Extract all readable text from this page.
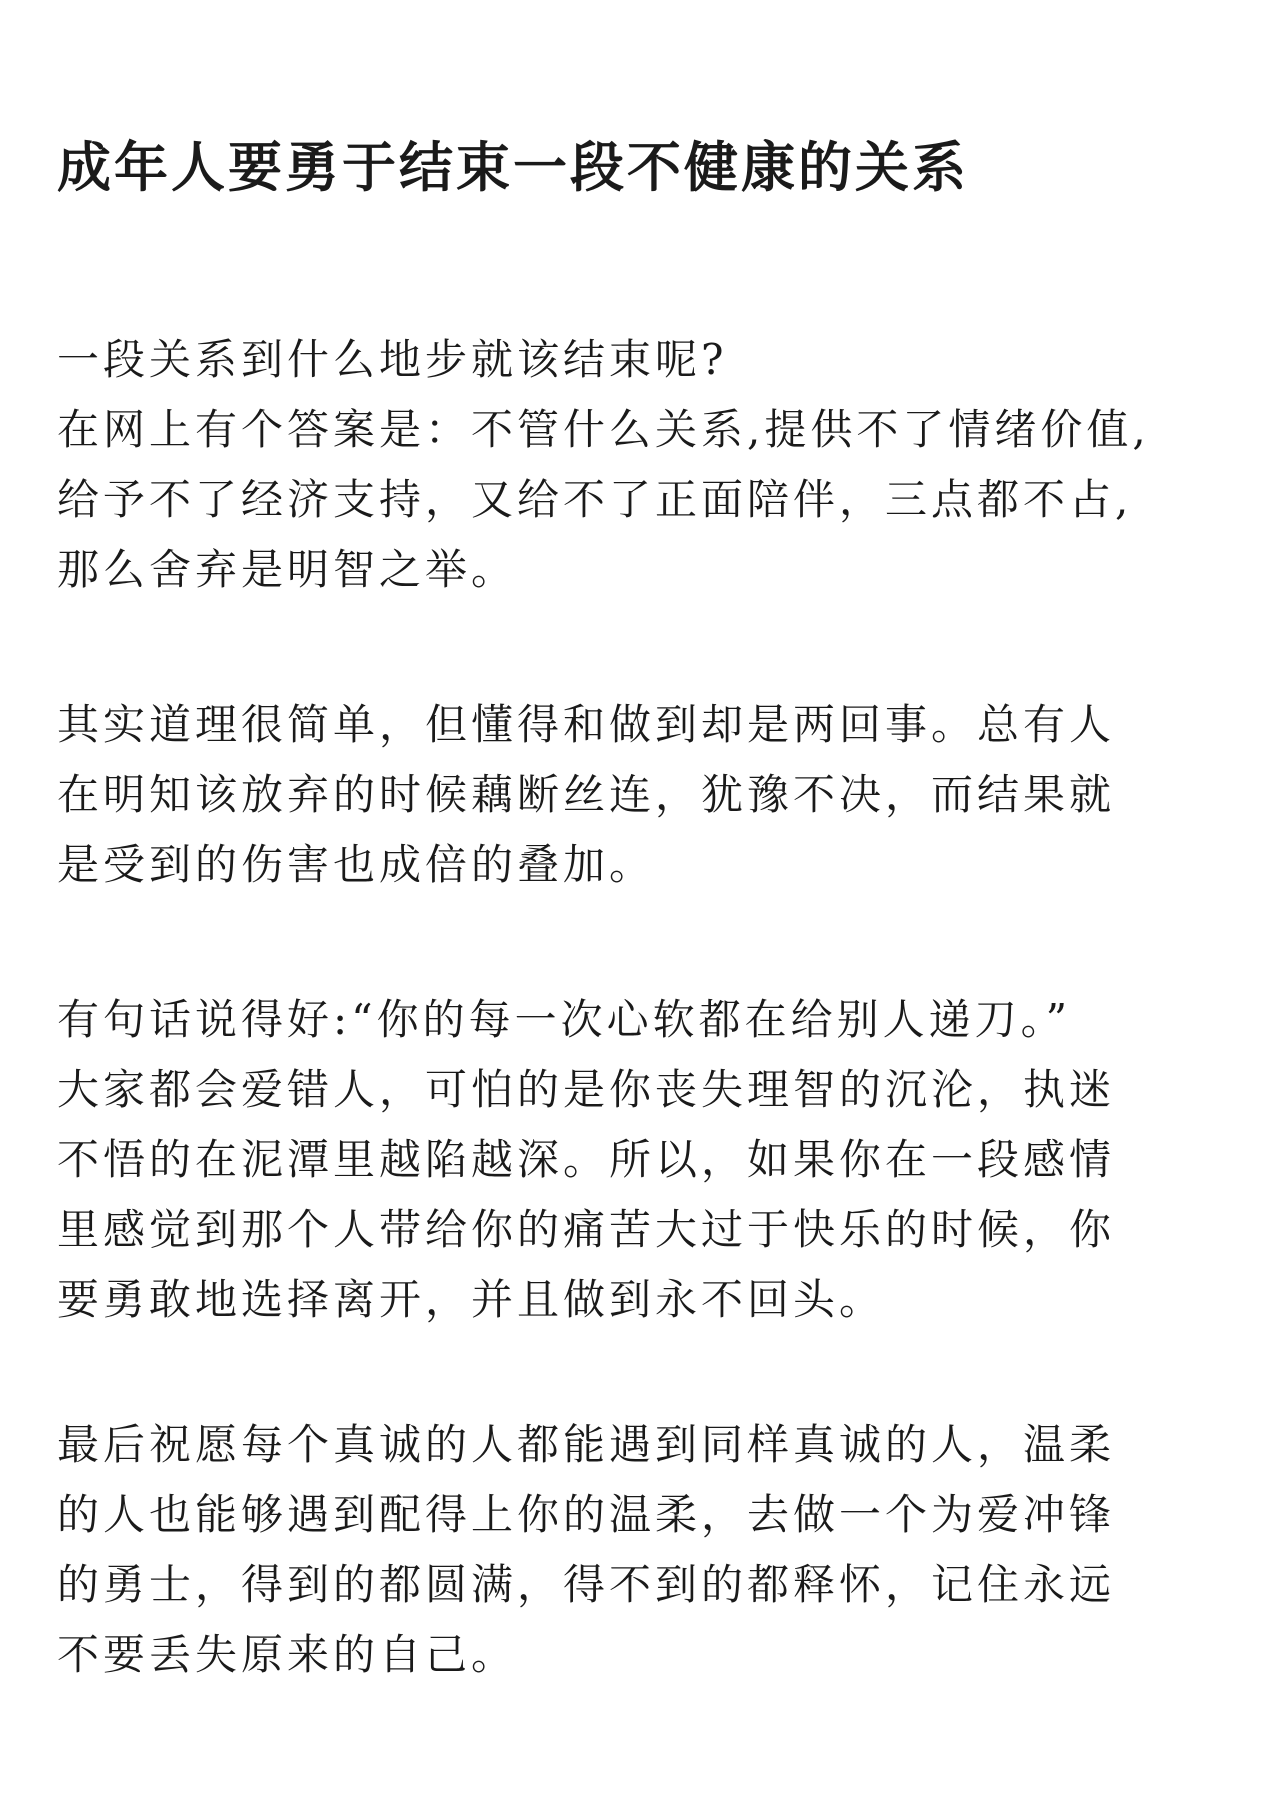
成年人要勇于结束一段不健康的关系

一段关系到什么地步就该结束呢?
在网上有个答案是：不管什么关系,提供不了情绪价值,
给予不了经济支持，又给不了正面陪伴，三点都不占,
那么舍弃是明智之举。

其实道理很简单，但懂得和做到却是两回事。总有人
在明知该放弃的时候藕断丝连，犹豫不决，而结果就
是受到的伤害也成倍的叠加。

有句话说得好:“你的每一次心软都在给别人递刀。”
大家都会爱错人，可怕的是你丧失理智的沉沦，执迷
不悟的在泥潭里越陷越深。所以，如果你在一段感情
里感觉到那个人带给你的痛苦大过于快乐的时候，你
要勇敢地选择离开，并且做到永不回头。

最后祝愿每个真诚的人都能遇到同样真诚的人，温柔
的人也能够遇到配得上你的温柔，去做一个为爱冲锋
的勇士，得到的都圆满，得不到的都释怀，记住永远
不要丢失原来的自己。
